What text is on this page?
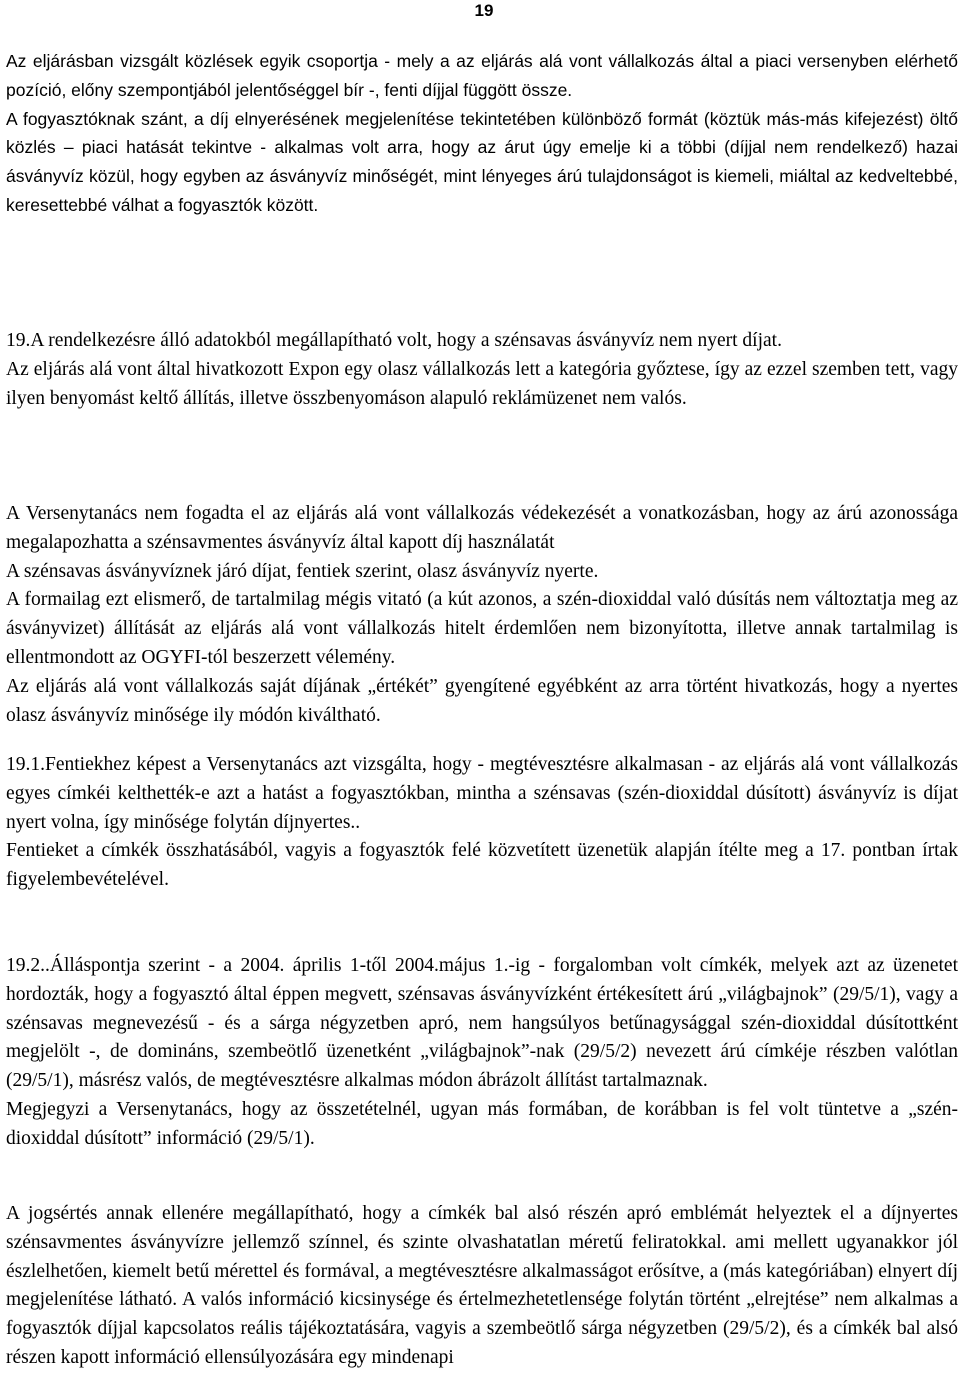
19

Az eljárásban vizsgált közlések egyik csoportja - mely a az eljárás alá vont vállalkozás által a piaci versenyben elérhető pozíció, előny szempontjából jelentőséggel bír -, fenti díjjal függött össze.

A fogyasztóknak szánt, a díj elnyerésének megjelenítése tekintetében különböző formát (köztük más-más kifejezést) öltő közlés – piaci hatását tekintve - alkalmas volt arra, hogy az árut úgy emelje ki a többi (díjjal nem rendelkező) hazai ásványvíz közül, hogy egyben az ásványvíz minőségét, mint lényeges árú tulajdonságot is kiemeli, miáltal az kedveltebbé, keresettebbé válhat a fogyasztók között.

19.A rendelkezésre álló adatokból megállapítható volt, hogy a szénsavas ásványvíz nem nyert díjat.

Az eljárás alá vont által hivatkozott Expon egy olasz vállalkozás lett a kategória győztese, így az ezzel szemben tett, vagy ilyen benyomást keltő állítás, illetve összbenyomáson alapuló reklámüzenet nem valós.

A Versenytanács nem fogadta el az eljárás alá vont vállalkozás védekezését a vonatkozásban, hogy az árú azonossága megalapozhatta a szénsavmentes ásványvíz által kapott díj használatát

A szénsavas ásványvíznek járó díjat, fentiek szerint, olasz ásványvíz nyerte.

A formailag ezt elismerő, de tartalmilag mégis vitató (a kút azonos, a szén-dioxiddal való dúsítás nem változtatja meg az ásványvizet) állítását az eljárás alá vont vállalkozás hitelt érdemlően nem bizonyította, illetve annak tartalmilag is ellentmondott az OGYFI-tól beszerzett vélemény.

Az eljárás alá vont vállalkozás saját díjának „értékét” gyengítené egyébként az arra történt hivatkozás, hogy a nyertes olasz ásványvíz minősége ily módón kiváltható.

19.1.Fentiekhez képest a Versenytanács azt vizsgálta, hogy - megtévesztésre alkalmasan - az eljárás alá vont vállalkozás egyes címkéi kelthették-e azt a hatást a fogyasztókban, mintha a szénsavas (szén-dioxiddal dúsított) ásványvíz is díjat nyert volna, így minősége folytán díjnyertes..

Fentieket a címkék összhatásából, vagyis a fogyasztók felé közvetített üzenetük alapján ítélte meg a 17. pontban írtak figyelembevételével.

19.2..Álláspontja szerint - a 2004. április 1-től 2004.május 1.-ig - forgalomban volt címkék, melyek azt az üzenetet hordozták, hogy a fogyasztó által éppen megvett, szénsavas ásványvízként értékesített árú „világbajnok” (29/5/1), vagy a szénsavas megnevezésű - és a sárga négyzetben apró, nem hangsúlyos betűnagysággal szén-dioxiddal dúsítottként megjelölt -, de domináns, szembeötlő üzenetként „világbajnok”-nak (29/5/2) nevezett árú címkéje részben valótlan (29/5/1), másrész valós, de megtévesztésre alkalmas módon ábrázolt állítást tartalmaznak.

Megjegyzi a Versenytanács, hogy az összetételnél, ugyan más formában, de korábban is fel volt tüntetve a „szén-dioxiddal dúsított” információ (29/5/1).

A jogsértés annak ellenére megállapítható, hogy a címkék bal alsó részén apró emblémát helyeztek el a díjnyertes szénsavmentes ásványvízre jellemző színnel, és szinte olvashatatlan méretű feliratokkal. ami mellett ugyanakkor jól észlelhetően, kiemelt betű mérettel és formával, a megtévesztésre alkalmasságot erősítve, a (más kategóriában) elnyert díj megjelenítése látható. A valós információ kicsinysége és értelmezhetetlensége folytán történt „elrejtése” nem alkalmas a fogyasztók díjjal kapcsolatos reális tájékoztatására, vagyis a szembeötlő sárga négyzetben (29/5/2), és a címkék bal alsó részen kapott információ ellensúlyozására egy mindenapi
